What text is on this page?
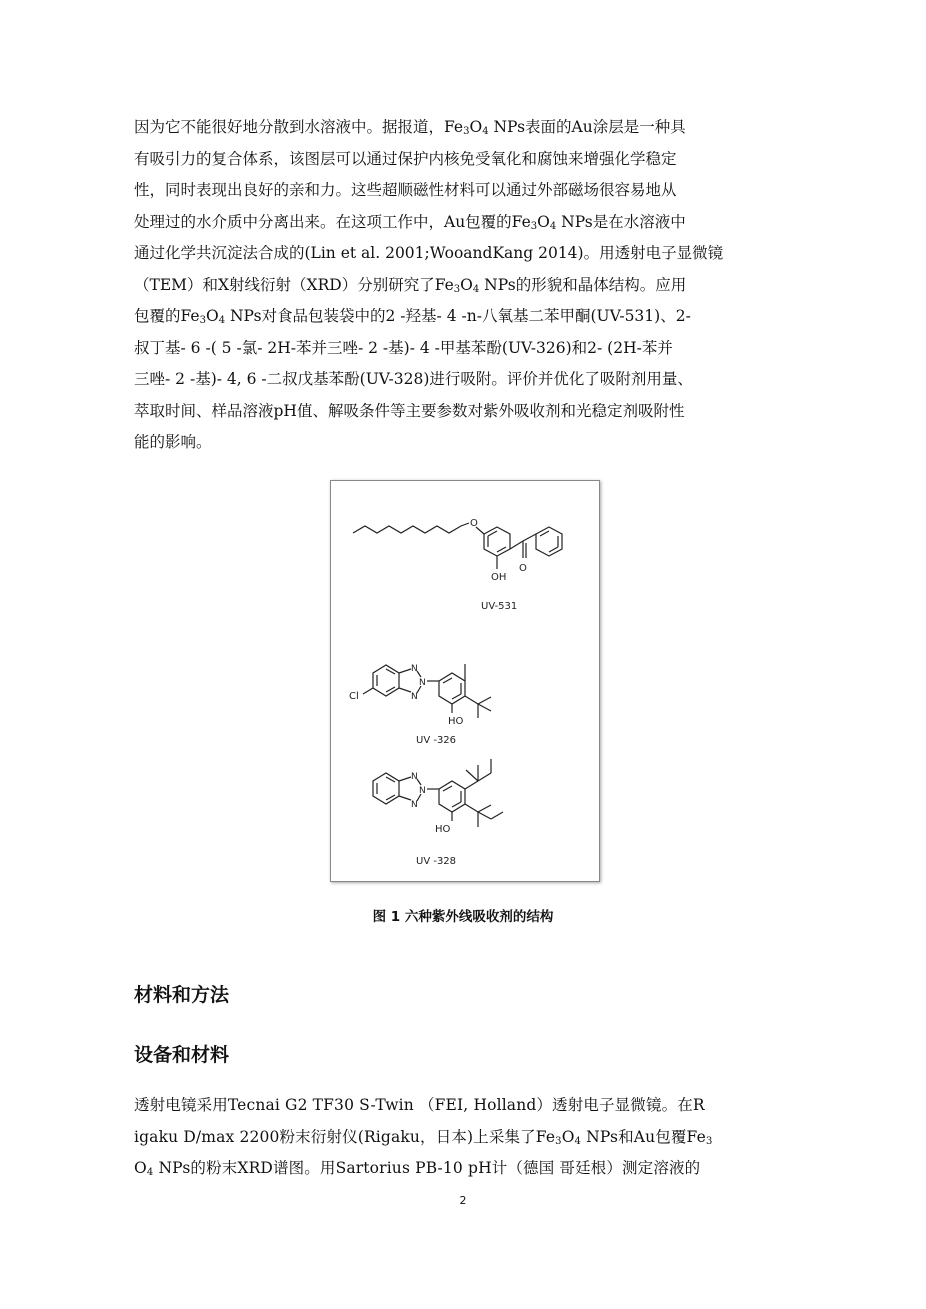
因为它不能很好地分散到水溶液中。据报道，$Fe_3O_4$ NPs表面的Au涂层是一种具
有吸引力的复合体系，该图层可以通过保护内核免受氧化和腐蚀来增强化学稳定
性，同时表现出良好的亲和力。这些超顺磁性材料可以通过外部磁场很容易地从
处理过的水介质中分离出来。在这项工作中，Au包覆的$Fe_3O_4$ NPs是在水溶液中
通过化学共沉淀法合成的(Lin et al. 2001;WooandKang 2014)。用透射电子显微镜
（TEM）和X射线衍射（XRD）分别研究了$Fe_3O_4$ NPs的形貌和晶体结构。应用
包覆的$Fe_3O_4$ NPs对食品包装袋中的2 -羟基- 4 -n-八氧基二苯甲酮(UV-531)、2-
叔丁基- 6 -( 5 -氯- 2H-苯并三唑- 2 -基)- 4 -甲基苯酚(UV-326)和2- (2H-苯并
三唑- 2 -基)- 4, 6 -二叔戊基苯酚(UV-328)进行吸附。评价并优化了吸附剂用量、
萃取时间、样品溶液pH值、解吸条件等主要参数对紫外吸收剂和光稳定剂吸附性
能的影响。
O
OH
O
Cl
N
N
N
HO
N
N
N
HO
UV-531
UV -326
UV -328
图 1 六种紫外线吸收剂的结构
材料和方法
设备和材料
透射电镜采用Tecnai G2 TF30 S-Twin （FEI, Holland）透射电子显微镜。在R
igaku D/max 2200粉末衍射仪(Rigaku，日本)上采集了$Fe_3O_4$ NPs和Au包覆$Fe_3$
$O_4$ NPs的粉末XRD谱图。用Sartorius PB-10 pH计（德国 哥廷根）测定溶液的
2
